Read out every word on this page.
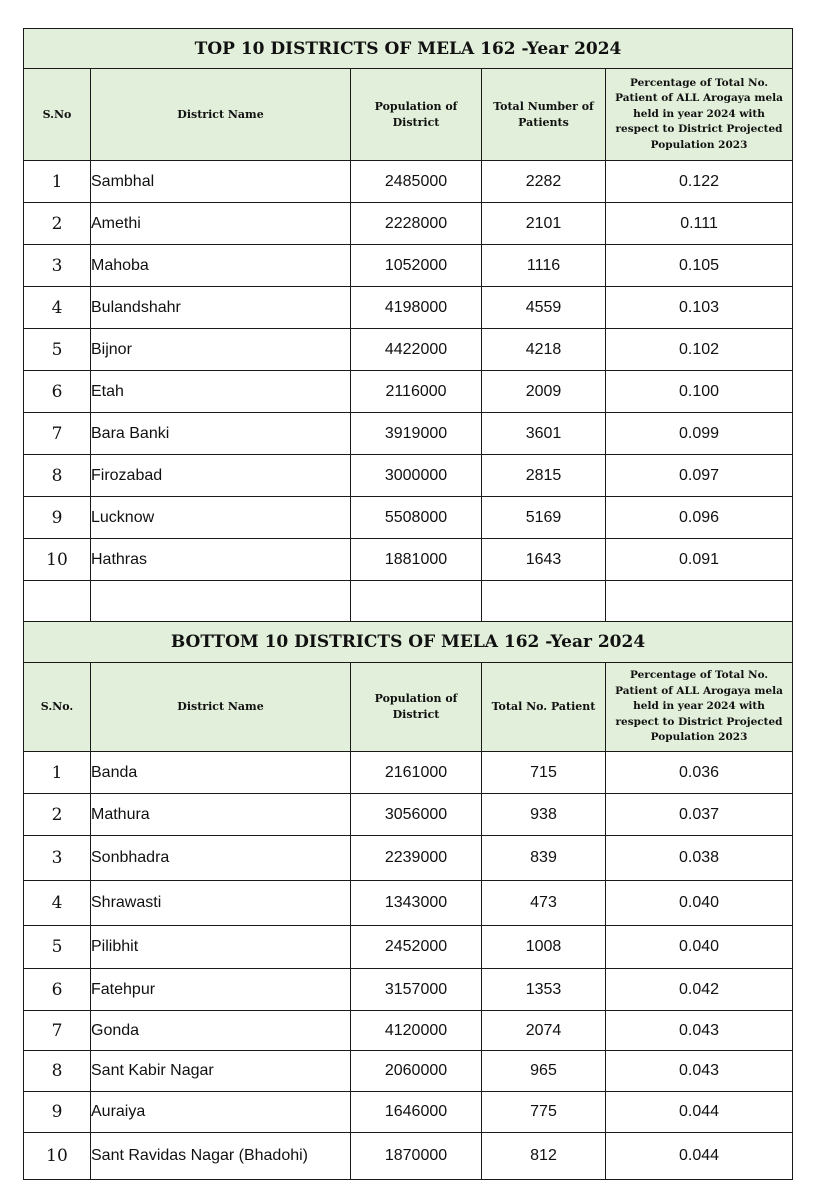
TOP 10 DISTRICTS OF MELA 162 -Year 2024				
S.No	District Name	Population of District	Total Number of Patients	Percentage of Total No. Patient of ALL Arogaya mela held in year 2024 with respect to District Projected Population 2023
1	Sambhal	2485000	2282	0.122
2	Amethi	2228000	2101	0.111
3	Mahoba	1052000	1116	0.105
4	Bulandshahr	4198000	4559	0.103
5	Bijnor	4422000	4218	0.102
6	Etah	2116000	2009	0.100
7	Bara Banki	3919000	3601	0.099
8	Firozabad	3000000	2815	0.097
9	Lucknow	5508000	5169	0.096
10	Hathras	1881000	1643	0.091

BOTTOM 10 DISTRICTS OF MELA 162 -Year 2024				
S.No.	District Name	Population of District	Total No. Patient	Percentage of Total No. Patient of ALL Arogaya mela held in year 2024 with respect to District Projected Population 2023
1	Banda	2161000	715	0.036
2	Mathura	3056000	938	0.037
3	Sonbhadra	2239000	839	0.038
4	Shrawasti	1343000	473	0.040
5	Pilibhit	2452000	1008	0.040
6	Fatehpur	3157000	1353	0.042
7	Gonda	4120000	2074	0.043
8	Sant Kabir Nagar	2060000	965	0.043
9	Auraiya	1646000	775	0.044
10	Sant Ravidas Nagar (Bhadohi)	1870000	812	0.044
